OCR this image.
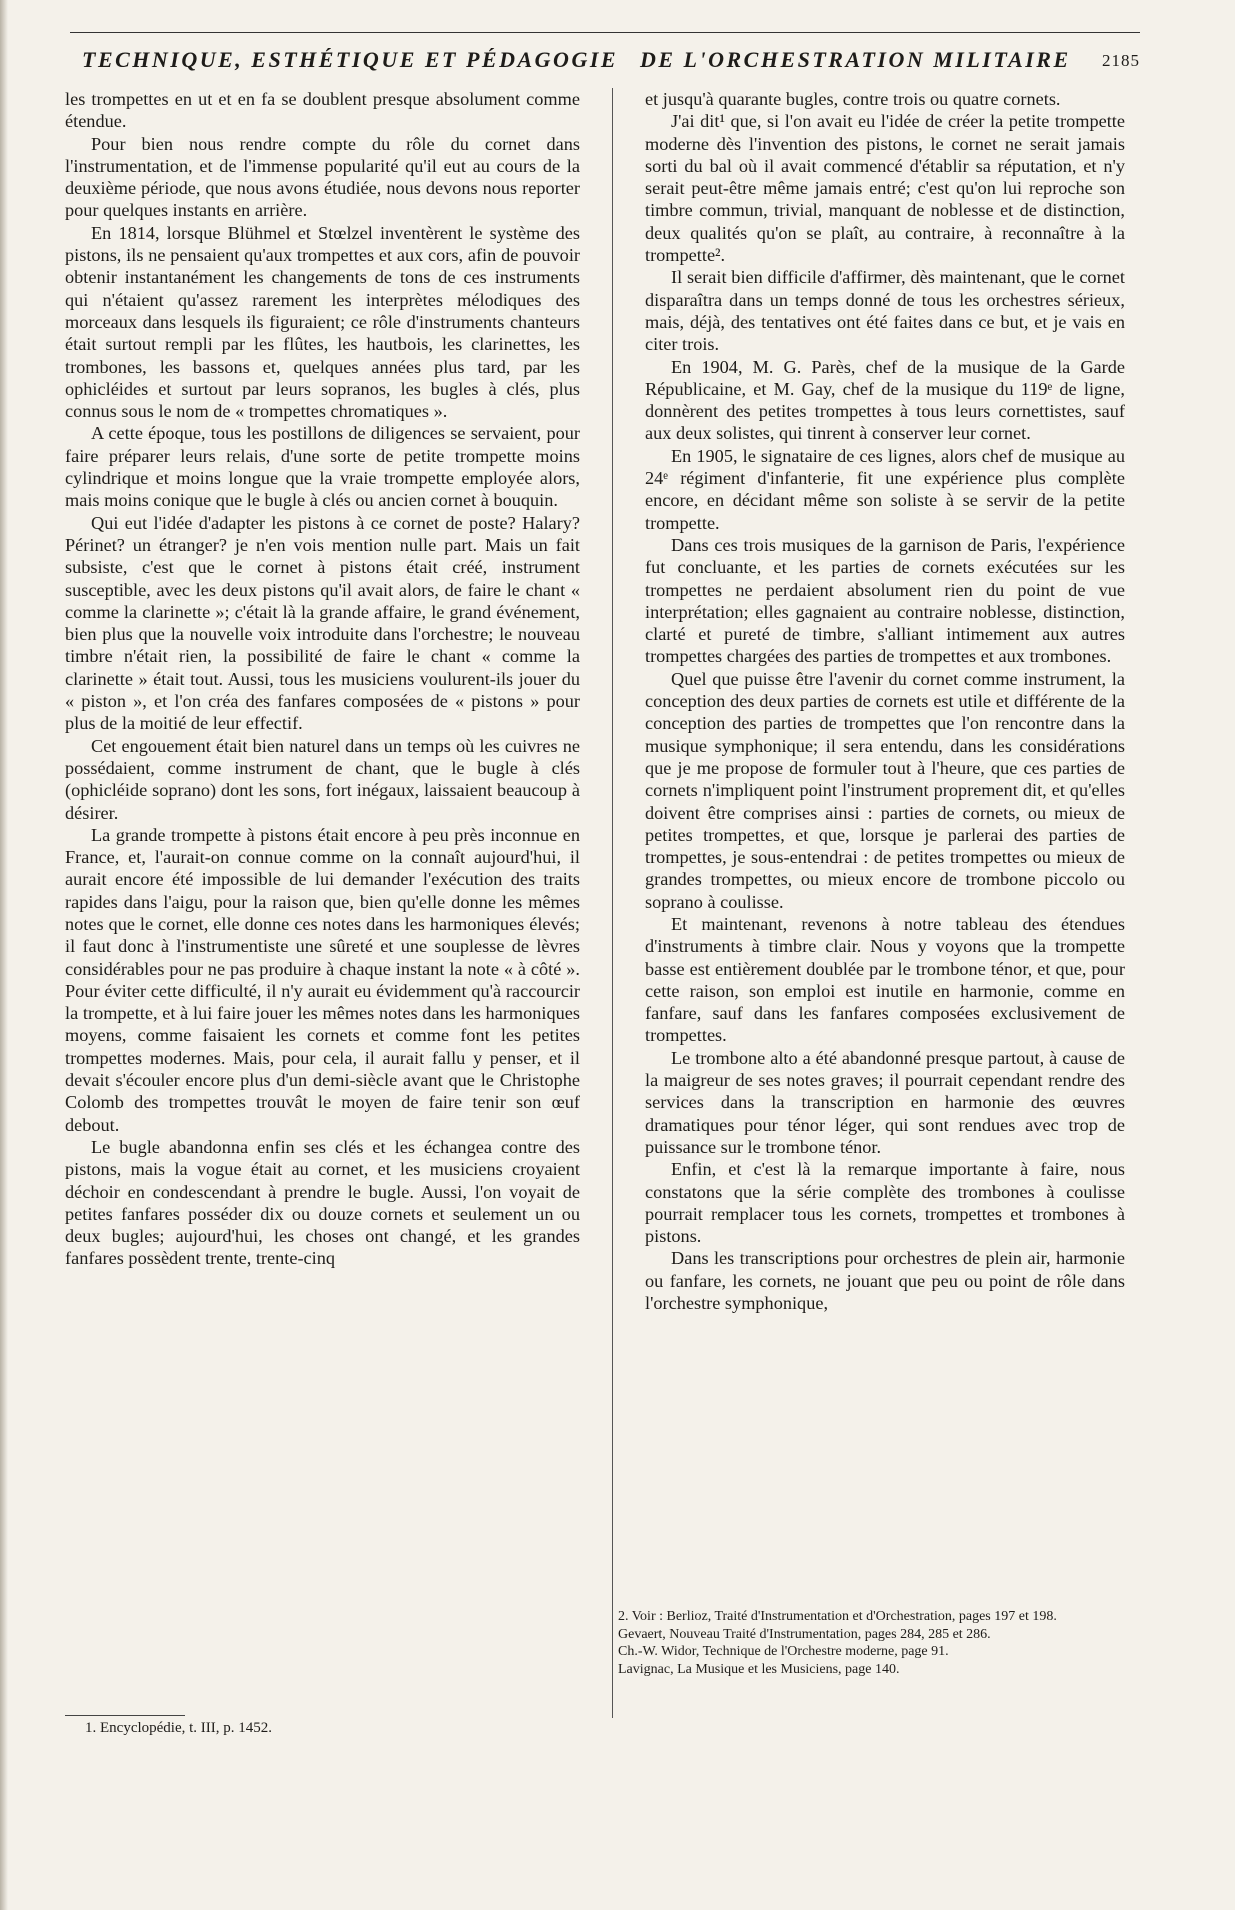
TECHNIQUE, ESTHÉTIQUE ET PÉDAGOGIE DE L'ORCHESTRATION MILITAIRE 2185

les trompettes en ut et en fa se doublent presque absolument comme étendue.

Pour bien nous rendre compte du rôle du cornet dans l'instrumentation, et de l'immense popularité qu'il eut au cours de la deuxième période, que nous avons étudiée, nous devons nous reporter pour quelques instants en arrière.

En 1814, lorsque Blühmel et Stœlzel inventèrent le système des pistons, ils ne pensaient qu'aux trompettes et aux cors, afin de pouvoir obtenir instantanément les changements de tons de ces instruments qui n'étaient qu'assez rarement les interprètes mélodiques des morceaux dans lesquels ils figuraient; ce rôle d'instruments chanteurs était surtout rempli par les flûtes, les hautbois, les clarinettes, les trombones, les bassons et, quelques années plus tard, par les ophicléides et surtout par leurs sopranos, les bugles à clés, plus connus sous le nom de « trompettes chromatiques ».

A cette époque, tous les postillons de diligences se servaient, pour faire préparer leurs relais, d'une sorte de petite trompette moins cylindrique et moins longue que la vraie trompette employée alors, mais moins conique que le bugle à clés ou ancien cornet à bouquin.

Qui eut l'idée d'adapter les pistons à ce cornet de poste? Halary? Périnet? un étranger? je n'en vois mention nulle part. Mais un fait subsiste, c'est que le cornet à pistons était créé, instrument susceptible, avec les deux pistons qu'il avait alors, de faire le chant « comme la clarinette »; c'était là la grande affaire, le grand événement, bien plus que la nouvelle voix introduite dans l'orchestre; le nouveau timbre n'était rien, la possibilité de faire le chant « comme la clarinette » était tout. Aussi, tous les musiciens voulurent-ils jouer du « piston », et l'on créa des fanfares composées de « pistons » pour plus de la moitié de leur effectif.

Cet engouement était bien naturel dans un temps où les cuivres ne possédaient, comme instrument de chant, que le bugle à clés (ophicléide soprano) dont les sons, fort inégaux, laissaient beaucoup à désirer.

La grande trompette à pistons était encore à peu près inconnue en France, et, l'aurait-on connue comme on la connaît aujourd'hui, il aurait encore été impossible de lui demander l'exécution des traits rapides dans l'aigu, pour la raison que, bien qu'elle donne les mêmes notes que le cornet, elle donne ces notes dans les harmoniques élevés; il faut donc à l'instrumentiste une sûreté et une souplesse de lèvres considérables pour ne pas produire à chaque instant la note « à côté ». Pour éviter cette difficulté, il n'y aurait eu évidemment qu'à raccourcir la trompette, et à lui faire jouer les mêmes notes dans les harmoniques moyens, comme faisaient les cornets et comme font les petites trompettes modernes. Mais, pour cela, il aurait fallu y penser, et il devait s'écouler encore plus d'un demi-siècle avant que le Christophe Colomb des trompettes trouvât le moyen de faire tenir son œuf debout.

Le bugle abandonna enfin ses clés et les échangea contre des pistons, mais la vogue était au cornet, et les musiciens croyaient déchoir en condescendant à prendre le bugle. Aussi, l'on voyait de petites fanfares posséder dix ou douze cornets et seulement un ou deux bugles; aujourd'hui, les choses ont changé, et les grandes fanfares possèdent trente, trente-cinq

et jusqu'à quarante bugles, contre trois ou quatre cornets.

J'ai dit¹ que, si l'on avait eu l'idée de créer la petite trompette moderne dès l'invention des pistons, le cornet ne serait jamais sorti du bal où il avait commencé d'établir sa réputation, et n'y serait peut-être même jamais entré; c'est qu'on lui reproche son timbre commun, trivial, manquant de noblesse et de distinction, deux qualités qu'on se plaît, au contraire, à reconnaître à la trompette².

Il serait bien difficile d'affirmer, dès maintenant, que le cornet disparaîtra dans un temps donné de tous les orchestres sérieux, mais, déjà, des tentatives ont été faites dans ce but, et je vais en citer trois.

En 1904, M. G. Parès, chef de la musique de la Garde Républicaine, et M. Gay, chef de la musique du 119ᵉ de ligne, donnèrent des petites trompettes à tous leurs cornettistes, sauf aux deux solistes, qui tinrent à conserver leur cornet.

En 1905, le signataire de ces lignes, alors chef de musique au 24ᵉ régiment d'infanterie, fit une expérience plus complète encore, en décidant même son soliste à se servir de la petite trompette.

Dans ces trois musiques de la garnison de Paris, l'expérience fut concluante, et les parties de cornets exécutées sur les trompettes ne perdaient absolument rien du point de vue interprétation; elles gagnaient au contraire noblesse, distinction, clarté et pureté de timbre, s'alliant intimement aux autres trompettes chargées des parties de trompettes et aux trombones.

Quel que puisse être l'avenir du cornet comme instrument, la conception des deux parties de cornets est utile et différente de la conception des parties de trompettes que l'on rencontre dans la musique symphonique; il sera entendu, dans les considérations que je me propose de formuler tout à l'heure, que ces parties de cornets n'impliquent point l'instrument proprement dit, et qu'elles doivent être comprises ainsi : parties de cornets, ou mieux de petites trompettes, et que, lorsque je parlerai des parties de trompettes, je sous-entendrai : de petites trompettes ou mieux de grandes trompettes, ou mieux encore de trombone piccolo ou soprano à coulisse.

Et maintenant, revenons à notre tableau des étendues d'instruments à timbre clair. Nous y voyons que la trompette basse est entièrement doublée par le trombone ténor, et que, pour cette raison, son emploi est inutile en harmonie, comme en fanfare, sauf dans les fanfares composées exclusivement de trompettes.

Le trombone alto a été abandonné presque partout, à cause de la maigreur de ses notes graves; il pourrait cependant rendre des services dans la transcription en harmonie des œuvres dramatiques pour ténor léger, qui sont rendues avec trop de puissance sur le trombone ténor.

Enfin, et c'est là la remarque importante à faire, nous constatons que la série complète des trombones à coulisse pourrait remplacer tous les cornets, trompettes et trombones à pistons.

Dans les transcriptions pour orchestres de plein air, harmonie ou fanfare, les cornets, ne jouant que peu ou point de rôle dans l'orchestre symphonique,

1. Encyclopédie, t. III, p. 1452.
2. Voir : Berlioz, Traité d'Instrumentation et d'Orchestration, pages 197 et 198.
Gevaert, Nouveau Traité d'Instrumentation, pages 284, 285 et 286.
Ch.-W. Widor, Technique de l'Orchestre moderne, page 91.
Lavignac, La Musique et les Musiciens, page 140.
